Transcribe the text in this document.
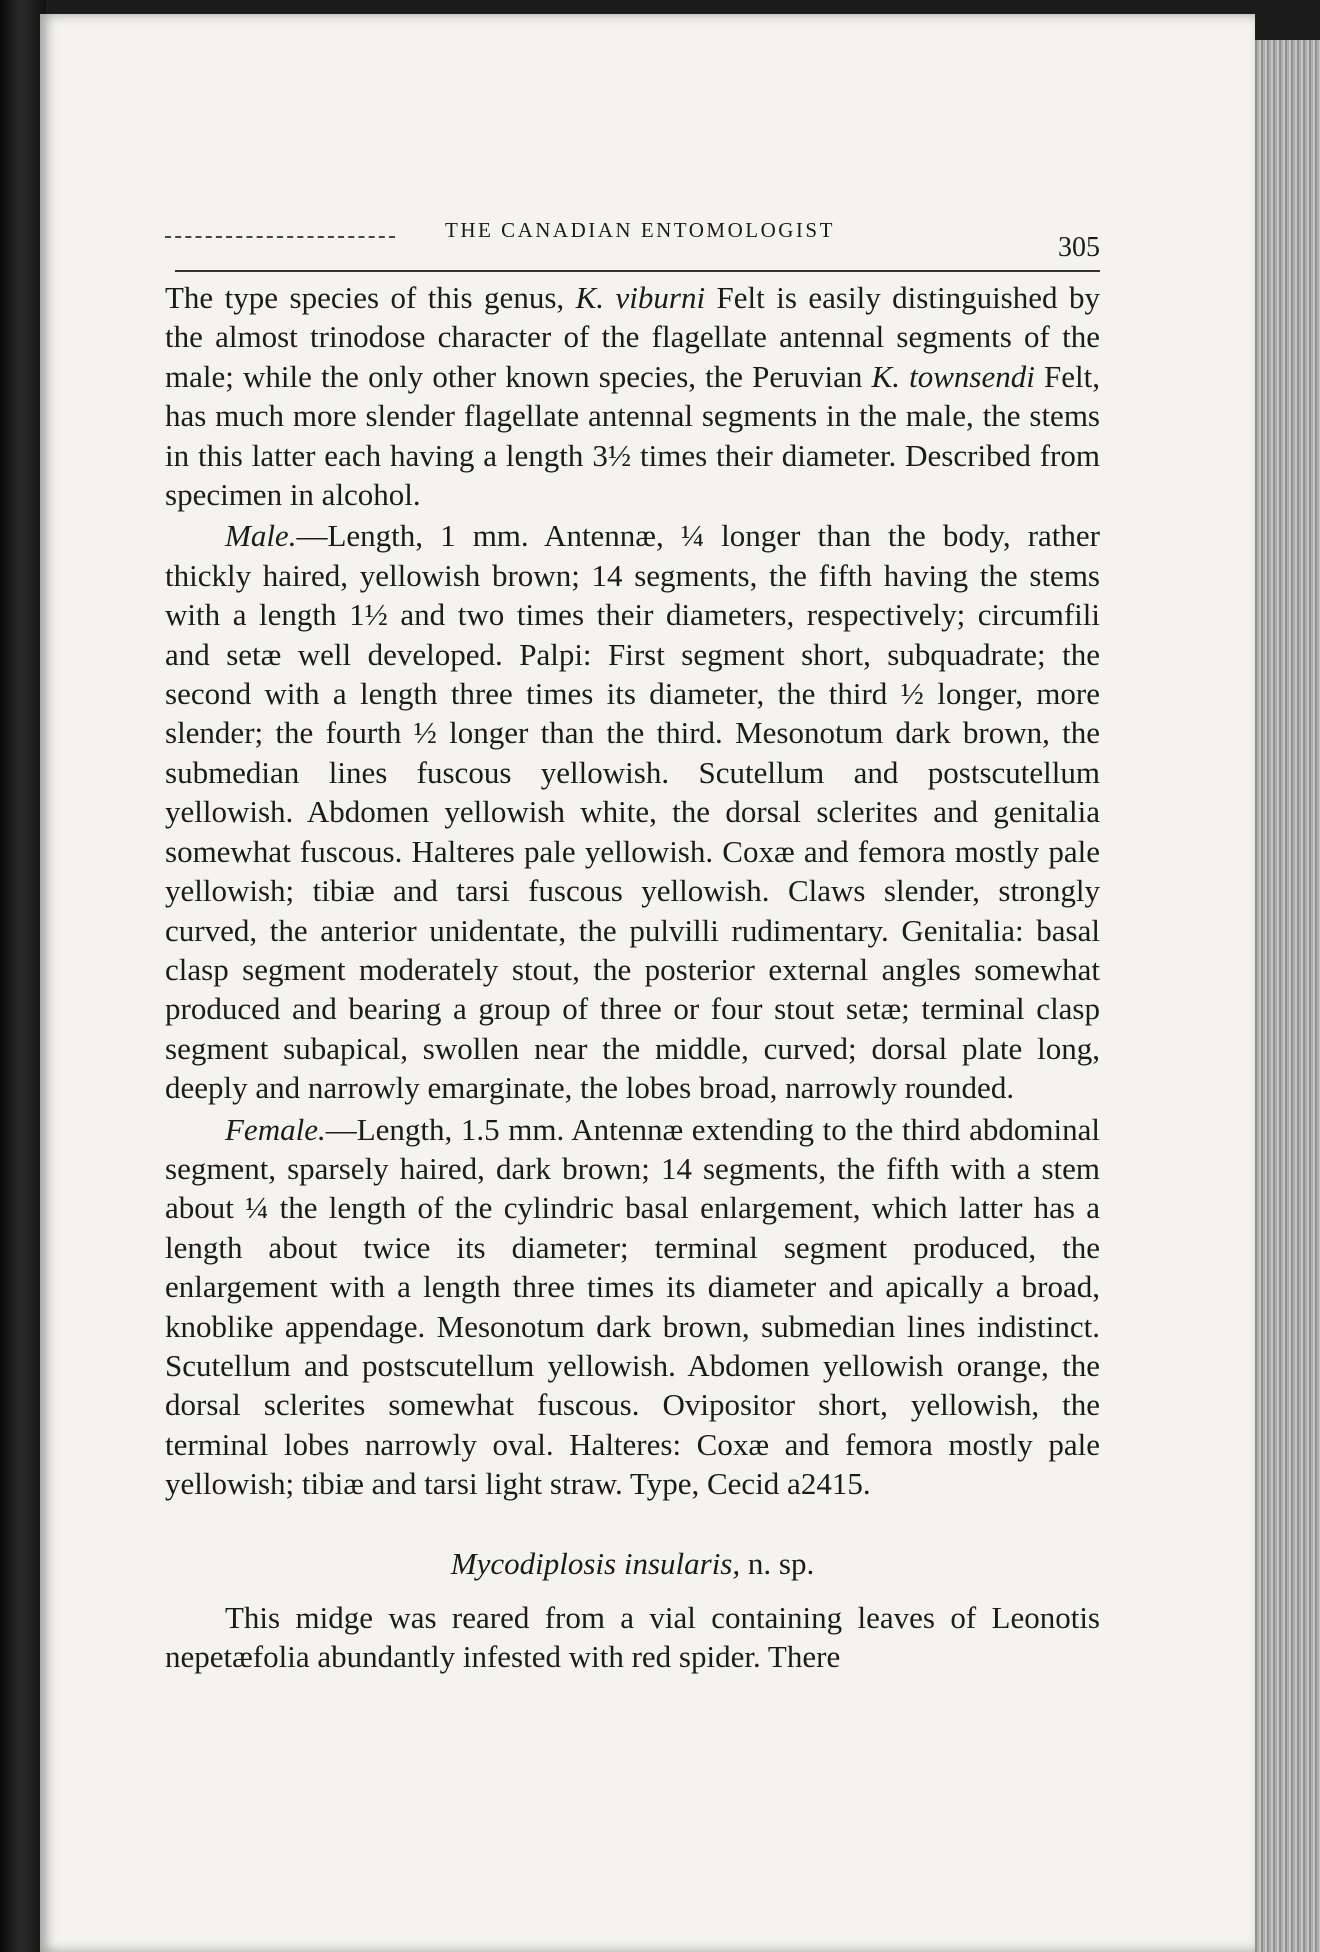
THE CANADIAN ENTOMOLOGIST
305

The type species of this genus, K. viburni Felt is easily distinguished by the almost trinodose character of the flagellate antennal segments of the male; while the only other known species, the Peruvian K. townsendi Felt, has much more slender flagellate antennal segments in the male, the stems in this latter each having a length 3½ times their diameter. Described from specimen in alcohol.

Male.—Length, 1 mm. Antennæ, ¼ longer than the body, rather thickly haired, yellowish brown; 14 segments, the fifth having the stems with a length 1½ and two times their diameters, respectively; circumfili and setæ well developed. Palpi: First segment short, subquadrate; the second with a length three times its diameter, the third ½ longer, more slender; the fourth ½ longer than the third. Mesonotum dark brown, the submedian lines fuscous yellowish. Scutellum and postscutellum yellowish. Abdomen yellowish white, the dorsal sclerites and genitalia somewhat fuscous. Halteres pale yellowish. Coxæ and femora mostly pale yellowish; tibiæ and tarsi fuscous yellowish. Claws slender, strongly curved, the anterior unidentate, the pulvilli rudimentary. Genitalia: basal clasp segment moderately stout, the posterior external angles somewhat produced and bearing a group of three or four stout setæ; terminal clasp segment subapical, swollen near the middle, curved; dorsal plate long, deeply and narrowly emarginate, the lobes broad, narrowly rounded.

Female.—Length, 1.5 mm. Antennæ extending to the third abdominal segment, sparsely haired, dark brown; 14 segments, the fifth with a stem about ¼ the length of the cylindric basal enlargement, which latter has a length about twice its diameter; terminal segment produced, the enlargement with a length three times its diameter and apically a broad, knoblike appendage. Mesonotum dark brown, submedian lines indistinct. Scutellum and postscutellum yellowish. Abdomen yellowish orange, the dorsal sclerites somewhat fuscous. Ovipositor short, yellowish, the terminal lobes narrowly oval. Halteres: Coxæ and femora mostly pale yellowish; tibiæ and tarsi light straw. Type, Cecid a2415.

Mycodiplosis insularis, n. sp.

This midge was reared from a vial containing leaves of Leonotis nepetæfolia abundantly infested with red spider. There
